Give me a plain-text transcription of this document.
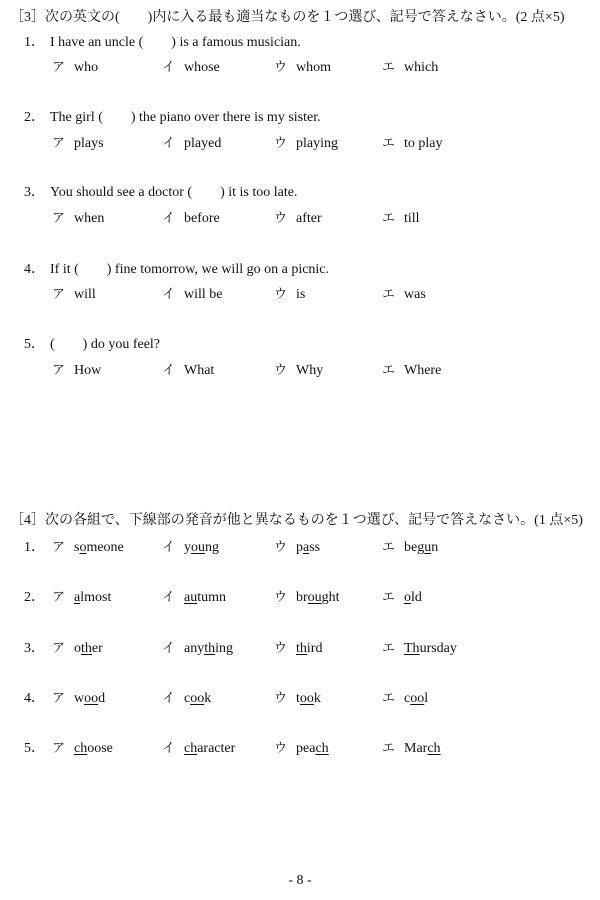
［3］次の英文の(　　)内に入る最も適当なものを１つ選び、記号で答えなさい。(2 点×5)
1． I have an uncle (　　) is a famous musician.
ア who	イ whose	ウ whom	エ which
2． The girl (　　) the piano over there is my sister.
ア plays	イ played	ウ playing	エ to play
3． You should see a doctor (　　) it is too late.
ア when	イ before	ウ after	エ till
4． If it (　　) fine tomorrow, we will go on a picnic.
ア will	イ will be	ウ is	エ was
5． (　　) do you feel?
ア How	イ What	ウ Why	エ Where
［4］次の各組で、下線部の発音が他と異なるものを１つ選び、記号で答えなさい。(1 点×5)
1． ア someone	イ young	ウ pass	エ begun
2． ア almost	イ autumn	ウ brought	エ old
3． ア other	イ anything	ウ third	エ Thursday
4． ア wood	イ cook	ウ took	エ cool
5． ア choose	イ character	ウ peach	エ March
- 8 -
